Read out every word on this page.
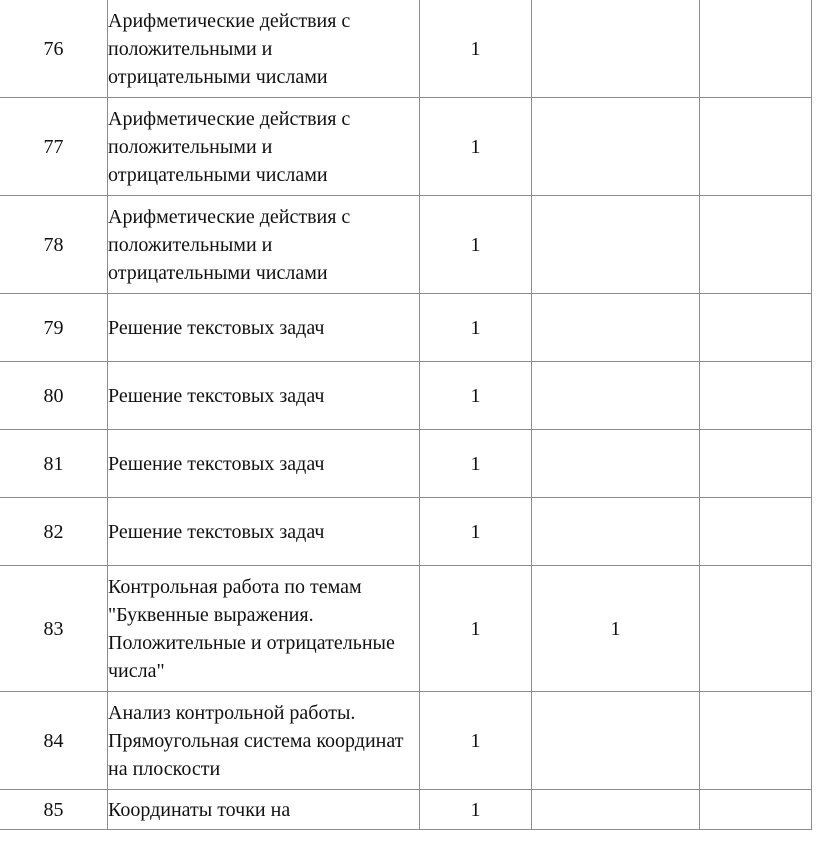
76	Арифметические действия с положительными и отрицательными числами	1		
77	Арифметические действия с положительными и отрицательными числами	1		
78	Арифметические действия с положительными и отрицательными числами	1		
79	Решение текстовых задач	1		
80	Решение текстовых задач	1		
81	Решение текстовых задач	1		
82	Решение текстовых задач	1		
83	Контрольная работа по темам "Буквенные выражения. Положительные и отрицательные числа"	1	1	
84	Анализ контрольной работы. Прямоугольная система координат на плоскости	1		
85	Координаты точки на	1		
